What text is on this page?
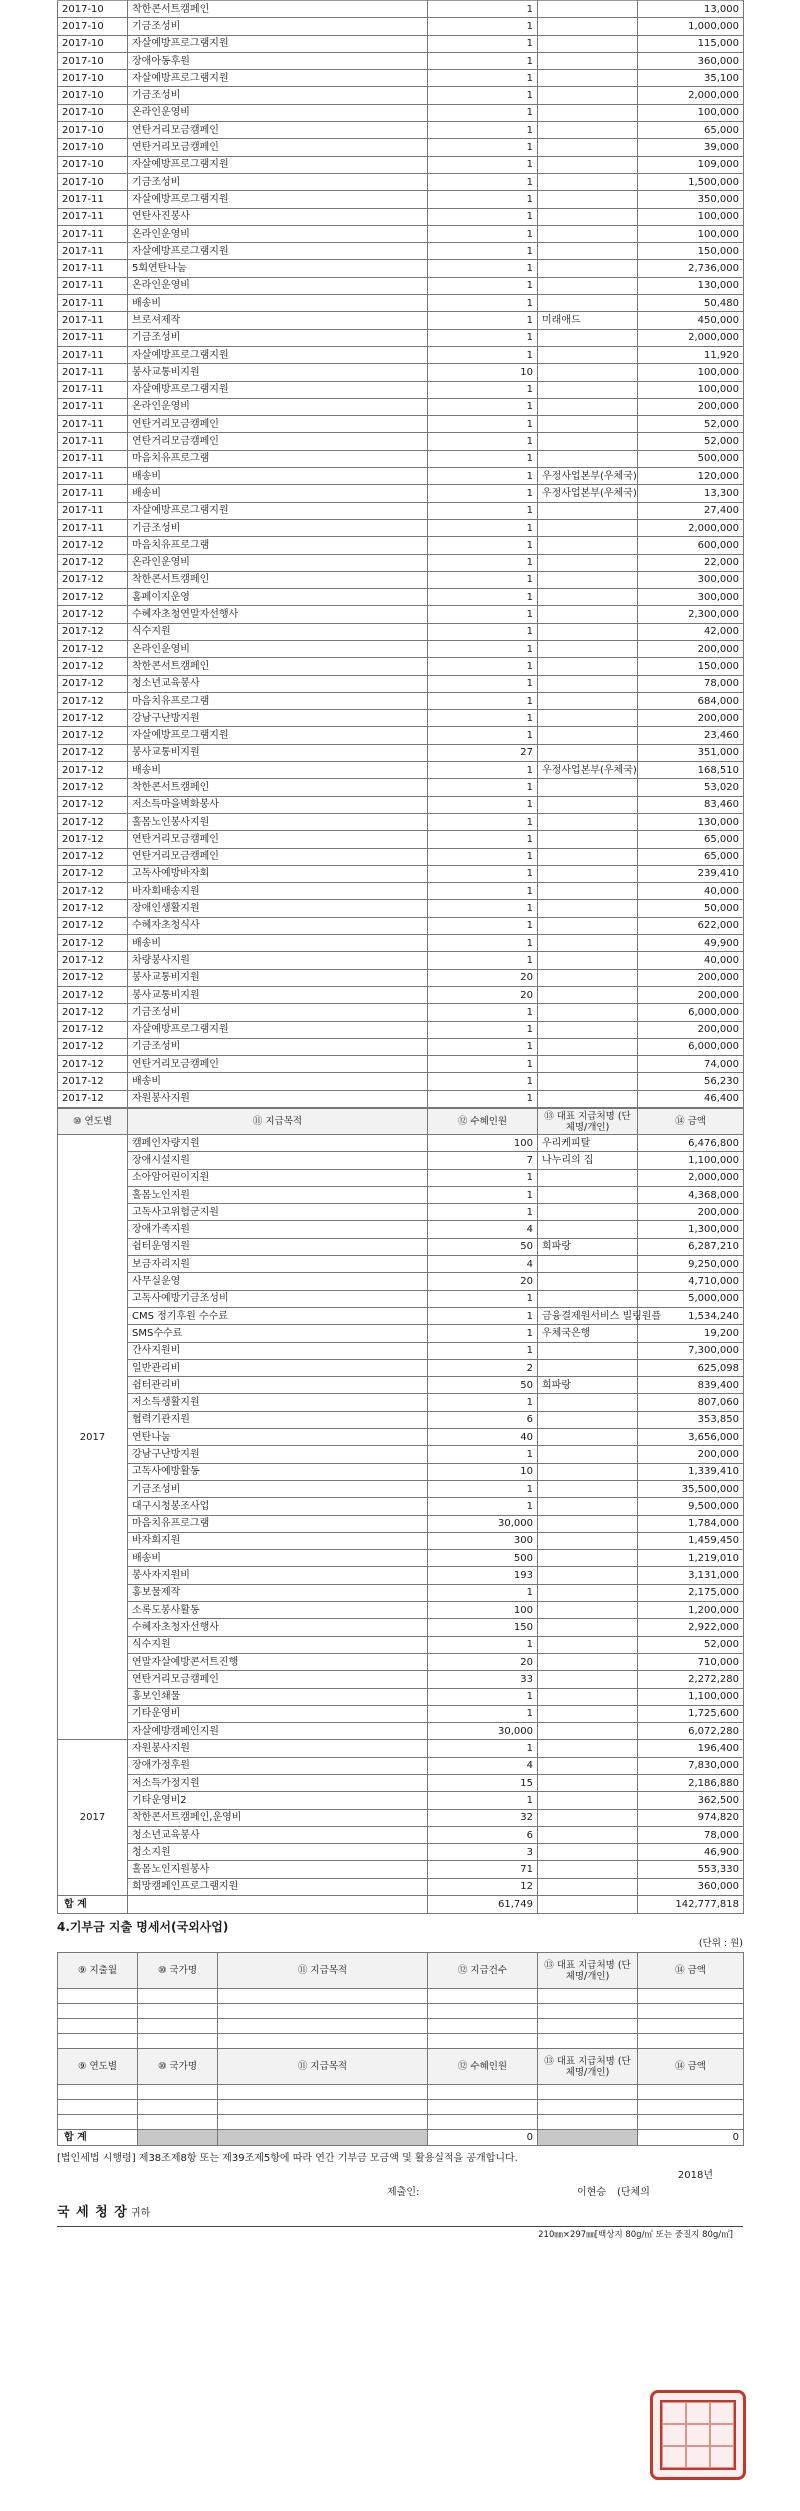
2017-10	착한콘서트캠페인	1		13,000
2017-10	기금조성비	1		1,000,000
2017-10	자살예방프로그램지원	1		115,000
2017-10	장애아동후원	1		360,000
2017-10	자살예방프로그램지원	1		35,100
2017-10	기금조성비	1		2,000,000
2017-10	온라인운영비	1		100,000
2017-10	연탄거리모금캠페인	1		65,000
2017-10	연탄거리모금캠페인	1		39,000
2017-10	자살예방프로그램지원	1		109,000
2017-10	기금조성비	1		1,500,000
2017-11	자살예방프로그램지원	1		350,000
2017-11	연탄사진봉사	1		100,000
2017-11	온라인운영비	1		100,000
2017-11	자살예방프로그램지원	1		150,000
2017-11	5회연탄나눔	1		2,736,000
2017-11	온라인운영비	1		130,000
2017-11	배송비	1		50,480
2017-11	브로셔제작	1	미래애드	450,000
2017-11	기금조성비	1		2,000,000
2017-11	자살예방프로그램지원	1		11,920
2017-11	봉사교통비지원	10		100,000
2017-11	자살예방프로그램지원	1		100,000
2017-11	온라인운영비	1		200,000
2017-11	연탄거리모금캠페인	1		52,000
2017-11	연탄거리모금캠페인	1		52,000
2017-11	마음치유프로그램	1		500,000
2017-11	배송비	1	우정사업본부(우체국)	120,000
2017-11	배송비	1	우정사업본부(우체국)	13,300
2017-11	자살예방프로그램지원	1		27,400
2017-11	기금조성비	1		2,000,000
2017-12	마음치유프로그램	1		600,000
2017-12	온라인운영비	1		22,000
2017-12	착한콘서트캠페인	1		300,000
2017-12	홈페이지운영	1		300,000
2017-12	수혜자초청연말자선행사	1		2,300,000
2017-12	식수지원	1		42,000
2017-12	온라인운영비	1		200,000
2017-12	착한콘서트캠페인	1		150,000
2017-12	청소년교육봉사	1		78,000
2017-12	마음치유프로그램	1		684,000
2017-12	강남구난방지원	1		200,000
2017-12	자살예방프로그램지원	1		23,460
2017-12	봉사교통비지원	27		351,000
2017-12	배송비	1	우정사업본부(우체국)	168,510
2017-12	착한콘서트캠페인	1		53,020
2017-12	저소득마을벽화봉사	1		83,460
2017-12	홀몸노인봉사지원	1		130,000
2017-12	연탄거리모금캠페인	1		65,000
2017-12	연탄거리모금캠페인	1		65,000
2017-12	고독사예방바자회	1		239,410
2017-12	바자회배송지원	1		40,000
2017-12	장애인생활지원	1		50,000
2017-12	수혜자초청식사	1		622,000
2017-12	배송비	1		49,900
2017-12	차량봉사지원	1		40,000
2017-12	봉사교통비지원	20		200,000
2017-12	봉사교통비지원	20		200,000
2017-12	기금조성비	1		6,000,000
2017-12	자살예방프로그램지원	1		200,000
2017-12	기금조성비	1		6,000,000
2017-12	연탄거리모금캠페인	1		74,000
2017-12	배송비	1		56,230
2017-12	자원봉사지원	1		46,400
⑩ 연도별	⑪ 지급목적	⑫ 수혜인원	⑬ 대표 지급처명 (단체명/개인)	⑭ 금액
2017	캠페인자량지원	100	우리케피탈	6,476,800
	장애시설지원	7	나누리의 집	1,100,000
	소아암어린이지원	1		2,000,000
	홀몸노인지원	1		4,368,000
	고독사고위험군지원	1		200,000
	장애가족지원	4		1,300,000
	쉼터운영지원	50	희파랑	6,287,210
	보금자리지원	4		9,250,000
	사무실운영	20		4,710,000
	고독사예방기금조성비	1		5,000,000
	CMS 정기후원 수수료	1	금융결제원서비스 빌링원플	1,534,240
	SMS수수료	1	우체국은행	19,200
	간사지원비	1		7,300,000
	일반관리비	2		625,098
	쉼터관리비	50	희파랑	839,400
	저소득생활지원	1		807,060
	협력기관지원	6		353,850
	연탄나눔	40		3,656,000
	강남구난방지원	1		200,000
	고독사예방활동	10		1,339,410
	기금조성비	1		35,500,000
	대구시청봉조사업	1		9,500,000
	마음치유프로그램	30,000		1,784,000
	바자회지원	300		1,459,450
	배송비	500		1,219,010
	봉사자지원비	193		3,131,000
	홍보물제작	1		2,175,000
	소록도봉사활동	100		1,200,000
	수혜자초청자선행사	150		2,922,000
	식수지원	1		52,000
	연말자살예방콘서트진행	20		710,000
	연탄거리모금캠페인	33		2,272,280
	홍보인쇄물	1		1,100,000
	기타운영비	1		1,725,600
	자살예방캠페인지원	30,000		6,072,280
2017	자원봉사지원	1		196,400
	장애가정후원	4		7,830,000
	저소득가정지원	15		2,186,880
	기타운영비2	1		362,500
	착한콘서트캠페인,운영비	32		974,820
	청소년교육봉사	6		78,000
	청소지원	3		46,900
	홀몸노인지원봉사	71		553,330
	희망캠페인프로그램지원	12		360,000
합 계		61,749		142,777,818
4.기부금 지출 명세서(국외사업)
(단위 : 원)
⑨ 지출월	⑩ 국가명	⑪ 지급목적	⑫ 지급건수	⑬ 대표 지급처명 (단체명/개인)	⑭ 금액

⑨ 연도별	⑩ 국가명	⑪ 지급목적	⑫ 수혜인원	⑬ 대표 지급처명 (단체명/개인)	⑭ 금액

합 계			0		0
[법인세법 시행령] 제38조제8항 또는 제39조제5항에 따라 연간 기부금 모금액 및 활용실적을 공개합니다.
2018년
제출인:	이현승 (단체의
국 세 청 장 귀하
210㎜×297㎜[백상지 80g/㎡ 또는 중질지 80g/㎡]
